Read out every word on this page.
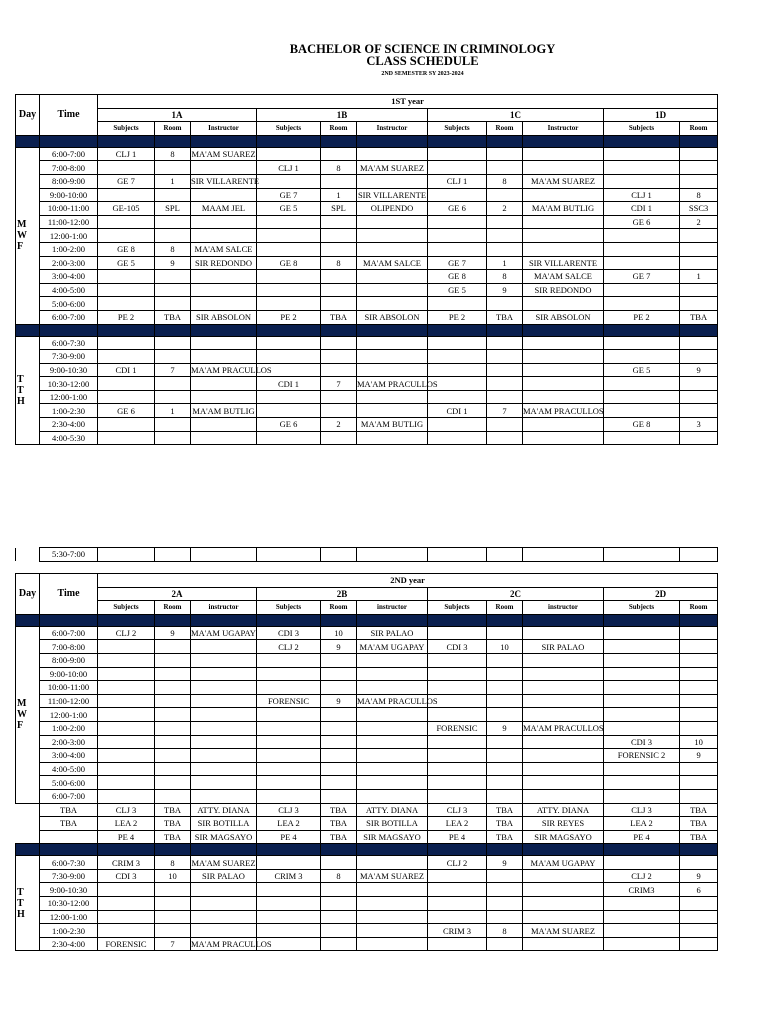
BACHELOR OF SCIENCE IN CRIMINOLOGY
CLASS SCHEDULE
2ND SEMESTER SY 2023-2024
Day	Time	1ST year										
		1A			1B			1C			1D	
		Subjects	Room	Instructor	Subjects	Room	Instructor	Subjects	Room	Instructor	Subjects	Room

M
W
F	6:00-7:00	CLJ 1	8	MA'AM SUAREZ								
	7:00-8:00				CLJ 1	8	MA'AM SUAREZ					
	8:00-9:00	GE 7	1	SIR VILLARENTE				CLJ 1	8	MA'AM SUAREZ		
	9:00-10:00				GE 7	1	SIR VILLARENTE				CLJ 1	8
	10:00-11:00	GE-105	SPL	MAAM JEL	GE 5	SPL	OLIPENDO	GE 6	2	MA'AM BUTLIG	CDI 1	SSC3
	11:00-12:00										GE 6	2
	12:00-1:00											
	1:00-2:00	GE 8	8	MA'AM SALCE								
	2:00-3:00	GE 5	9	SIR REDONDO	GE 8	8	MA'AM SALCE	GE 7	1	SIR VILLARENTE		
	3:00-4:00							GE 8	8	MA'AM SALCE	GE 7	1
	4:00-5:00							GE 5	9	SIR REDONDO		
	5:00-6:00											
	6:00-7:00	PE 2	TBA	SIR ABSOLON	PE 2	TBA	SIR ABSOLON	PE 2	TBA	SIR ABSOLON	PE 2	TBA

T
T
H	6:00-7:30											
	7:30-9:00											
	9:00-10:30	CDI 1	7	MA'AM PRACULLOS							GE 5	9
	10:30-12:00				CDI 1	7	MA'AM PRACULLOS					
	12:00-1:00											
	1:00-2:30	GE 6	1	MA'AM BUTLIG				CDI 1	7	MA'AM PRACULLOS		
	2:30-4:00				GE 6	2	MA'AM BUTLIG				GE 8	3
	4:00-5:30											
	5:30-7:00											
Day	Time	2ND year										
		2A			2B			2C			2D	
		Subjects	Room	instructor	Subjects	Room	instructor	Subjects	Room	instructor	Subjects	Room

M
W
F	6:00-7:00	CLJ 2	9	MA'AM UGAPAY	CDI 3	10	SIR PALAO					
	7:00-8:00				CLJ 2	9	MA'AM UGAPAY	CDI 3	10	SIR PALAO		
	8:00-9:00											
	9:00-10:00											
	10:00-11:00											
	11:00-12:00				FORENSIC	9	MA'AM PRACULLOS					
	12:00-1:00											
	1:00-2:00							FORENSIC	9	MA'AM PRACULLOS		
	2:00-3:00										CDI 3	10
	3:00-4:00										FORENSIC 2	9
	4:00-5:00											
	5:00-6:00											
	6:00-7:00											
	TBA	CLJ 3	TBA	ATTY. DIANA	CLJ 3	TBA	ATTY. DIANA	CLJ 3	TBA	ATTY. DIANA	CLJ 3	TBA
	TBA	LEA 2	TBA	SIR BOTILLA	LEA 2	TBA	SIR BOTILLA	LEA 2	TBA	SIR REYES	LEA 2	TBA
		PE 4	TBA	SIR MAGSAYO	PE 4	TBA	SIR MAGSAYO	PE 4	TBA	SIR MAGSAYO	PE 4	TBA

T
T
H	6:00-7:30	CRIM 3	8	MA'AM SUAREZ				CLJ 2	9	MA'AM UGAPAY		
	7:30-9:00	CDI 3	10	SIR PALAO	CRIM 3	8	MA'AM SUAREZ				CLJ 2	9
	9:00-10:30										CRIM3	6
	10:30-12:00											
	12:00-1:00											
	1:00-2:30							CRIM 3	8	MA'AM SUAREZ		
	2:30-4:00	FORENSIC	7	MA'AM PRACULLOS								
